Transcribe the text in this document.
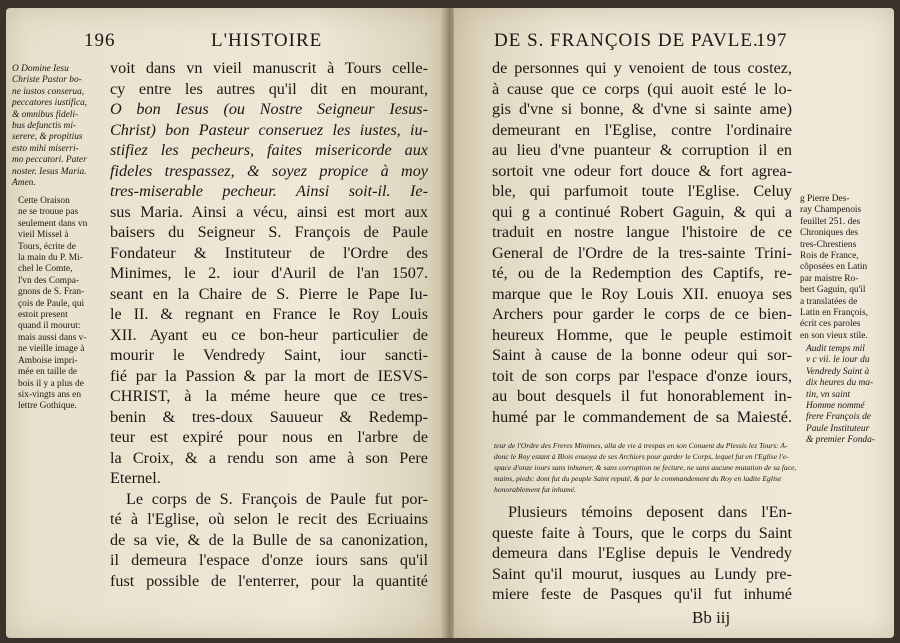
196	L'HISTOIRE
O Domine Iesu
Christe Pastor bo-
ne iustos conserua,
peccatores iustifica,
& omnibus fideli-
bus defunctis mi-
serere, & propitius
esto mihi miserri-
mo peccatori. Pater
noster. Iesus Maria.
Amen.
Cette Oraison
ne se trouue pas
seulement dans vn
vieil Missel à
Tours, écrite de
la main du P. Mi-
chel le Comte,
l'vn des Compa-
gnons de S. Fran-
çois de Paule, qui
estoit present
quand il mourut:
mais aussi dans v-
ne vieille image à
Amboise impri-
mée en taille de
bois il y a plus de
six-vingts ans en
lettre Gothique.
voit dans vn vieil manuscrit à Tours celle-
cy entre les autres qu'il dit en mourant,
O bon Iesus (ou Nostre Seigneur Iesus-
Christ) bon Pasteur conseruez les iustes, iu-
stifiez les pecheurs, faites misericorde aux
fideles trespassez, & soyez propice à moy
tres-miserable pecheur. Ainsi soit-il. Ie-
sus Maria. Ainsi a vécu, ainsi est mort aux
baisers du Seigneur S. François de Paule
Fondateur & Instituteur de l'Ordre des
Minimes, le 2. iour d'Auril de l'an 1507.
seant en la Chaire de S. Pierre le Pape Iu-
le II. & regnant en France le Roy Louis
XII. Ayant eu ce bon-heur particulier de
mourir le Vendredy Saint, iour sancti-
fié par la Passion & par la mort de IESVS-
CHRIST, à la méme heure que ce tres-
benin & tres-doux Sauueur & Redemp-
teur est expiré pour nous en l'arbre de
la Croix, & a rendu son ame à son Pere
Eternel.
Le corps de S. François de Paule fut por-
té à l'Eglise, où selon le recit des Ecriuains
de sa vie, & de la Bulle de sa canonization,
il demeura l'espace d'onze iours sans qu'il
fust possible de l'enterrer, pour la quantité
DE S. FRANÇOIS DE PAVLE.
197
de personnes qui y venoient de tous costez,
à cause que ce corps (qui auoit esté le lo-
gis d'vne si bonne, & d'vne si sainte ame)
demeurant en l'Eglise, contre l'ordinaire
au lieu d'vne puanteur & corruption il en
sortoit vne odeur fort douce & fort agrea-
ble, qui parfumoit toute l'Eglise. Celuy
qui g a continué Robert Gaguin, & qui a
traduit en nostre langue l'histoire de ce
General de l'Ordre de la tres-sainte Trini-
té, ou de la Redemption des Captifs, re-
marque que le Roy Louis XII. enuoya ses
Archers pour garder le corps de ce bien-
heureux Homme, que le peuple estimoit
Saint à cause de la bonne odeur qui sor-
toit de son corps par l'espace d'onze iours,
au bout desquels il fut honorablement in-
humé par le commandement de sa Maiesté.
g Pierre Des-
ray Champenois
feuillet 251. des
Chroniques des
tres-Chrestiens
Rois de France,
cõposées en Latin
par maistre Ro-
bert Gaguin, qu'il
a translatées de
Latin en François,
écrit ces paroles
en son vieux stile.
Audit temps mil
v c vii. le iour du
Vendredy Saint à
dix heures du ma-
tin, vn saint
Homme nommé
frere François de
Paule Instituteur
& premier Fonda-
teur de l'Ordre des Freres Minimes, alla de vie à trespas en son Conuent du Plessis lez Tours: A-
donc le Roy estant à Blois enuoya de ses Archiers pour garder le Corps, lequel fut en l'Eglise l'e-
space d'onze iours sans inhumer, & sans corruption ne fecture, ne sans aucune mutation de sa face,
mains, pieds: dont fut du peuple Saint reputé, & par le commandement du Roy en ladite Eglise
honorablement fut inhumé.
Plusieurs témoins deposent dans l'En-
queste faite à Tours, que le corps du Saint
demeura dans l'Eglise depuis le Vendredy
Saint qu'il mourut, iusques au Lundy pre-
miere feste de Pasques qu'il fut inhumé
Bb iij
